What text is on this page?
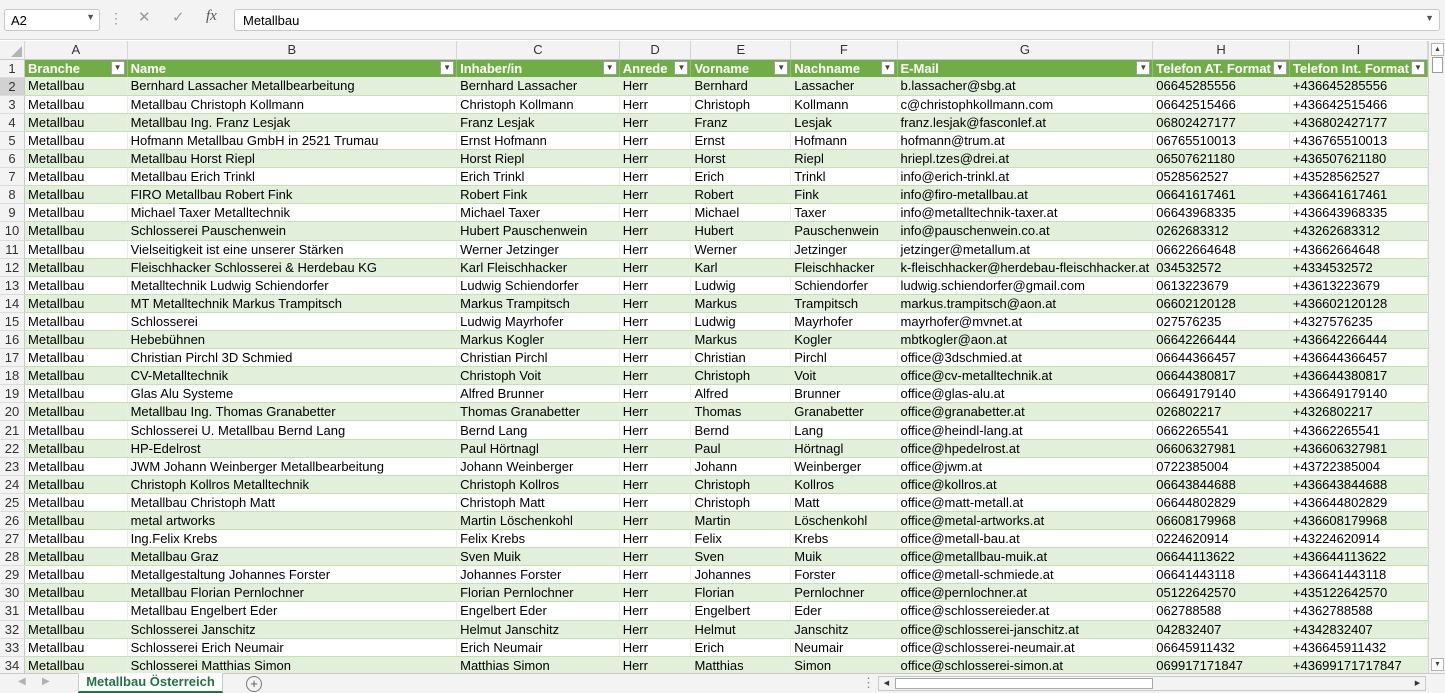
A2	▼ ⋮ ✕ ✓ fx	Metallbau	▼
	A	B	C	D	E	F	G	H	I
1	Branche ▼	Name ▼	Inhaber/in ▼	Anrede ▼	Vorname ▼	Nachname ▼	E-Mail ▼	Telefon AT. Format ▼	Telefon Int. Format ▼

2	Metallbau	Bernhard Lassacher Metallbearbeitung	Bernhard Lassacher	Herr	Bernhard	Lassacher	b.lassacher@sbg.at	06645285556	+436645285556
3	Metallbau	Metallbau Christoph Kollmann	Christoph Kollmann	Herr	Christoph	Kollmann	c@christophkollmann.com	06642515466	+436642515466
4	Metallbau	Metallbau Ing. Franz Lesjak	Franz Lesjak	Herr	Franz	Lesjak	franz.lesjak@fasconlef.at	06802427177	+436802427177
5	Metallbau	Hofmann Metallbau GmbH in 2521 Trumau	Ernst Hofmann	Herr	Ernst	Hofmann	hofmann@trum.at	06765510013	+436765510013
6	Metallbau	Metallbau Horst Riepl	Horst Riepl	Herr	Horst	Riepl	hriepl.tzes@drei.at	06507621180	+436507621180
7	Metallbau	Metallbau Erich Trinkl	Erich Trinkl	Herr	Erich	Trinkl	info@erich-trinkl.at	0528562527	+43528562527
8	Metallbau	FIRO Metallbau Robert Fink	Robert Fink	Herr	Robert	Fink	info@firo-metallbau.at	06641617461	+436641617461
9	Metallbau	Michael Taxer Metalltechnik	Michael Taxer	Herr	Michael	Taxer	info@metalltechnik-taxer.at	06643968335	+436643968335
10	Metallbau	Schlosserei Pauschenwein	Hubert Pauschenwein	Herr	Hubert	Pauschenwein	info@pauschenwein.co.at	0262683312	+43262683312
11	Metallbau	Vielseitigkeit ist eine unserer Stärken	Werner Jetzinger	Herr	Werner	Jetzinger	jetzinger@metallum.at	06622664648	+43662664648
12	Metallbau	Fleischhacker Schlosserei & Herdebau KG	Karl Fleischhacker	Herr	Karl	Fleischhacker	k-fleischhacker@herdebau-fleischhacker.at	034532572	+4334532572
13	Metallbau	Metalltechnik Ludwig Schiendorfer	Ludwig Schiendorfer	Herr	Ludwig	Schiendorfer	ludwig.schiendorfer@gmail.com	0613223679	+43613223679
14	Metallbau	MT Metalltechnik Markus Trampitsch	Markus Trampitsch	Herr	Markus	Trampitsch	markus.trampitsch@aon.at	06602120128	+436602120128
15	Metallbau	Schlosserei	Ludwig Mayrhofer	Herr	Ludwig	Mayrhofer	mayrhofer@mvnet.at	027576235	+4327576235
16	Metallbau	Hebebühnen	Markus Kogler	Herr	Markus	Kogler	mbtkogler@aon.at	06642266444	+436642266444
17	Metallbau	Christian Pirchl 3D Schmied	Christian Pirchl	Herr	Christian	Pirchl	office@3dschmied.at	06644366457	+436644366457
18	Metallbau	CV-Metalltechnik	Christoph Voit	Herr	Christoph	Voit	office@cv-metalltechnik.at	06644380817	+436644380817
19	Metallbau	Glas Alu Systeme	Alfred Brunner	Herr	Alfred	Brunner	office@glas-alu.at	06649179140	+436649179140
20	Metallbau	Metallbau Ing. Thomas Granabetter	Thomas Granabetter	Herr	Thomas	Granabetter	office@granabetter.at	026802217	+4326802217
21	Metallbau	Schlosserei U. Metallbau Bernd Lang	Bernd Lang	Herr	Bernd	Lang	office@heindl-lang.at	0662265541	+43662265541
22	Metallbau	HP-Edelrost	Paul Hörtnagl	Herr	Paul	Hörtnagl	office@hpedelrost.at	06606327981	+436606327981
23	Metallbau	JWM Johann Weinberger Metallbearbeitung	Johann Weinberger	Herr	Johann	Weinberger	office@jwm.at	0722385004	+43722385004
24	Metallbau	Christoph Kollros Metalltechnik	Christoph Kollros	Herr	Christoph	Kollros	office@kollros.at	06643844688	+436643844688
25	Metallbau	Metallbau Christoph Matt	Christoph Matt	Herr	Christoph	Matt	office@matt-metall.at	06644802829	+436644802829
26	Metallbau	metal artworks	Martin Löschenkohl	Herr	Martin	Löschenkohl	office@metal-artworks.at	06608179968	+436608179968
27	Metallbau	Ing.Felix Krebs	Felix Krebs	Herr	Felix	Krebs	office@metall-bau.at	0224620914	+43224620914
28	Metallbau	Metallbau Graz	Sven Muik	Herr	Sven	Muik	office@metallbau-muik.at	06644113622	+436644113622
29	Metallbau	Metallgestaltung Johannes Forster	Johannes Forster	Herr	Johannes	Forster	office@metall-schmiede.at	06641443118	+436641443118
30	Metallbau	Metallbau Florian Pernlochner	Florian Pernlochner	Herr	Florian	Pernlochner	office@pernlochner.at	05122642570	+435122642570
31	Metallbau	Metallbau Engelbert Eder	Engelbert Eder	Herr	Engelbert	Eder	office@schlossereieder.at	062788588	+4362788588
32	Metallbau	Schlosserei Janschitz	Helmut Janschitz	Herr	Helmut	Janschitz	office@schlosserei-janschitz.at	042832407	+4342832407
33	Metallbau	Schlosserei Erich Neumair	Erich Neumair	Herr	Erich	Neumair	office@schlosserei-neumair.at	06645911432	+436645911432
34	Metallbau	Schlosserei Matthias Simon	Matthias Simon	Herr	Matthias	Simon	office@schlosserei-simon.at	069917171847	+43699171717847
▲
▼
◀ ▶	Metallbau Österreich	+	⋮	◀	▶
